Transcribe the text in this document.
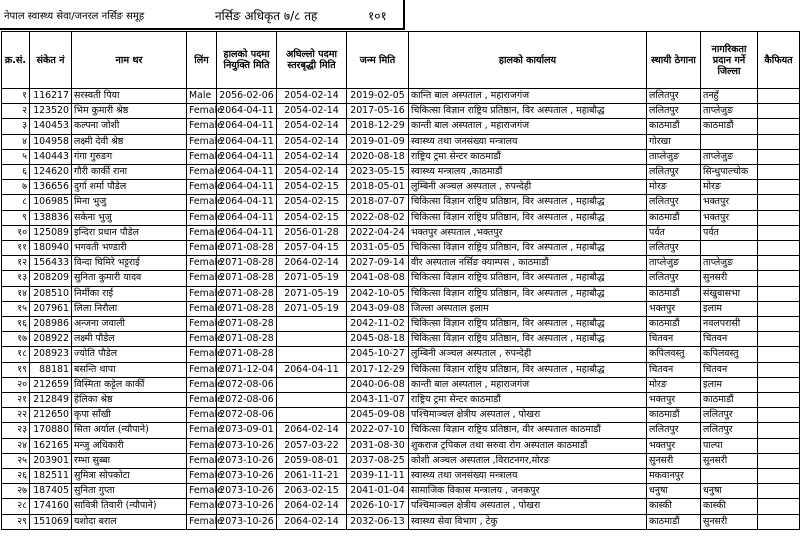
नेपाल स्वास्थ्य सेवा/जनरल नर्सिङ समूह	नर्सिङ अधिकृत ७/८ तह	१०१
क्र.सं.	संकेत नं	नाम थर	लिंग	हालको पदमा नियुक्ति मिति	अघिल्लो पदमा स्तरबृद्धी मिति	जन्म मिति	हालको कार्यालय	स्थायी ठेगाना	नागरिकता प्रदान गर्ने जिल्ला	कैफियत
१	116217	सरस्वती पिया	Male	2056-02-06	2054-02-14	2019-02-05	कान्ति बाल अस्पताल , महाराजगंज	ललितपुर	तनहुँ	
२	123520	भिम कुमारी श्रेष्ठ	Female	2064-04-11	2054-02-14	2017-05-16	चिकित्सा विज्ञान राष्ट्रिय प्रतिष्ठान, विर अस्पताल , महाबौद्ध	ललितपुर	ताप्लेजुङ	
३	140453	कल्पना जोशी	Female	2064-04-11	2054-02-14	2018-12-29	कान्ती बाल अस्पताल , महाराजगंज	काठमाडौं	काठमाडौं	
४	104958	लक्ष्मी देवी श्रेष्ठ	Female	2064-04-11	2054-02-14	2019-01-09	स्वास्थ्य तथा जनसंख्या मन्त्रालय	गोरखा		
५	140443	गंगा गुरुङग	Female	2064-04-11	2054-02-14	2020-08-18	राष्ट्रिय ट्रमा सेन्टर काठमाडौं	ताप्लेजुङ	ताप्लेजुङ	
६	124620	गौरी कार्की राना	Female	2064-04-11	2054-02-14	2023-05-15	स्वास्थ्य मन्त्रालय ,काठमाडौं	ललितपुर	सिन्धुपाल्चोक	
७	136656	दुर्गा शर्मा पौडेल	Female	2064-04-11	2054-02-15	2018-05-01	लुम्बिनी अञ्चल अस्पताल , रुपन्देही	मोरङ	मोरङ	
८	106985	मिना भुजु	Female	2064-04-11	2054-02-15	2018-07-07	चिकित्सा विज्ञान राष्ट्रिय प्रतिष्ठान, विर अस्पताल , महाबौद्ध	ललितपुर	भक्तपुर	
९	138836	सकेना भुजु	Female	2064-04-11	2054-02-15	2022-08-02	चिकित्सा विज्ञान राष्ट्रिय प्रतिष्ठान, विर अस्पताल , महाबौद्ध	काठमाडौं	भक्तपुर	
१०	125089	इन्दिरा प्रधान पौडेल	Female	2064-04-11	2056-01-28	2022-04-24	भक्तपुर अस्पताल ,भक्तपुर	पर्वत	पर्वत	
११	180940	भगवती भण्डारी	Female	2071-08-28	2057-04-15	2031-05-05	चिकित्सा विज्ञान राष्ट्रिय प्रतिष्ठान, विर अस्पताल , महाबौद्ध	ललितपुर		
१२	156433	विन्दा घिमिरे भट्टराई	Female	2071-08-28	2064-02-14	2027-09-14	वीर अस्पताल नर्सिङ क्याम्पस , काठमाडौं	ताप्लेजुङ	ताप्लेजुङ	
१३	208209	सुनिता कुमारी यादव	Female	2071-08-28	2071-05-19	2041-08-08	चिकित्सा विज्ञान राष्ट्रिय प्रतिष्ठान, विर अस्पताल , महाबौद्ध	ललितपुर	सुनसरी	
१४	208510	निर्मीका राई	Female	2071-08-28	2071-05-19	2042-10-05	चिकित्सा विज्ञान राष्ट्रिय प्रतिष्ठान, विर अस्पताल , महाबौद्ध	काठमाडौं	संखुवासभा	
१५	207961	लिला निरौला	Female	2071-08-28	2071-05-19	2043-09-08	जिल्ला अस्पताल इलाम	भक्तपुर	इलाम	
१६	208986	अन्जना जवाली	Female	2071-08-28		2042-11-02	चिकित्सा विज्ञान राष्ट्रिय प्रतिष्ठान, विर अस्पताल , महाबौद्ध	काठमाडौं	नवलपरासी	
१७	208922	लक्ष्मी पौडेल	Female	2071-08-28		2045-08-18	चिकित्सा विज्ञान राष्ट्रिय प्रतिष्ठान, विर अस्पताल , महाबौद्ध	चितवन	चितवन	
१८	208923	ज्योति पौडेल	Female	2071-08-28		2045-10-27	लुम्बिनी अञ्चल अस्पताल , रुपन्देही	कपिलवस्तु	कपिलवस्तु	
१९	88181	बसन्ति थापा	Female	2071-12-04	2064-04-11	2017-12-29	चिकित्सा विज्ञान राष्ट्रिय प्रतिष्ठान, विर अस्पताल , महाबौद्ध	चितवन	चितवन	
२०	212659	विस्मिता कट्टेल कार्की	Female	2072-08-06		2040-06-08	कान्ती बाल अस्पताल , महाराजगंज	मोरङ	इलाम	
२१	212849	हेलिका श्रेष्ठ	Female	2072-08-06		2043-11-07	राष्ट्रिय ट्रमा सेन्टर काठमाडौं	भक्तपुर	काठमाडौं	
२२	212650	कृपा साँखी	Female	2072-08-06		2045-09-08	पश्चिमाञ्चल क्षेत्रीय अस्पताल , पोखरा	काठमाडौं	ललितपुर	
२३	170880	सिता अर्याल (न्यौपाने)	Female	2073-09-01	2064-02-14	2022-07-10	चिकित्सा विज्ञान राष्ट्रिय प्रतिष्ठान, वीर अस्पताल काठमाडौं	ललितपुर	ललितपुर	
२४	162165	मन्जु अधिकारी	Female	2073-10-26	2057-03-22	2031-08-30	शुकराज ट्रपिकल तथा सरुवा रोग अस्पताल काठमाडौं	भक्तपुर	पाल्पा	
२५	203901	रम्भा सुब्बा	Female	2073-10-26	2059-08-01	2037-08-25	कोशी अञ्चल अस्पताल ,विराटनगर,मोरङ	सुनसरी	सुनसरी	
२६	182511	सुमित्रा सोपकोटा	Female	2073-10-26	2061-11-21	2039-11-11	स्वास्थ्य तथा जनसंख्या मन्त्रालय	मकवानपुर		
२७	187405	सुनिता गुप्ता	Female	2073-10-26	2063-02-15	2041-01-04	सामाजिक विकास मन्त्रालय , जनकपुर	धनुषा	धनुषा	
२८	174160	सावित्री तिवारी (न्यौपाने)	Female	2073-10-26	2064-02-14	2026-10-17	पश्चिमाञ्चल क्षेत्रीय अस्पताल , पोखरा	कास्की	कास्की	
२९	151069	यशोदा बराल	Female	2073-10-26	2064-02-14	2032-06-13	स्वास्थ्य सेवा विभाग , टेकु	काठमाडौं	सुनसरी	
